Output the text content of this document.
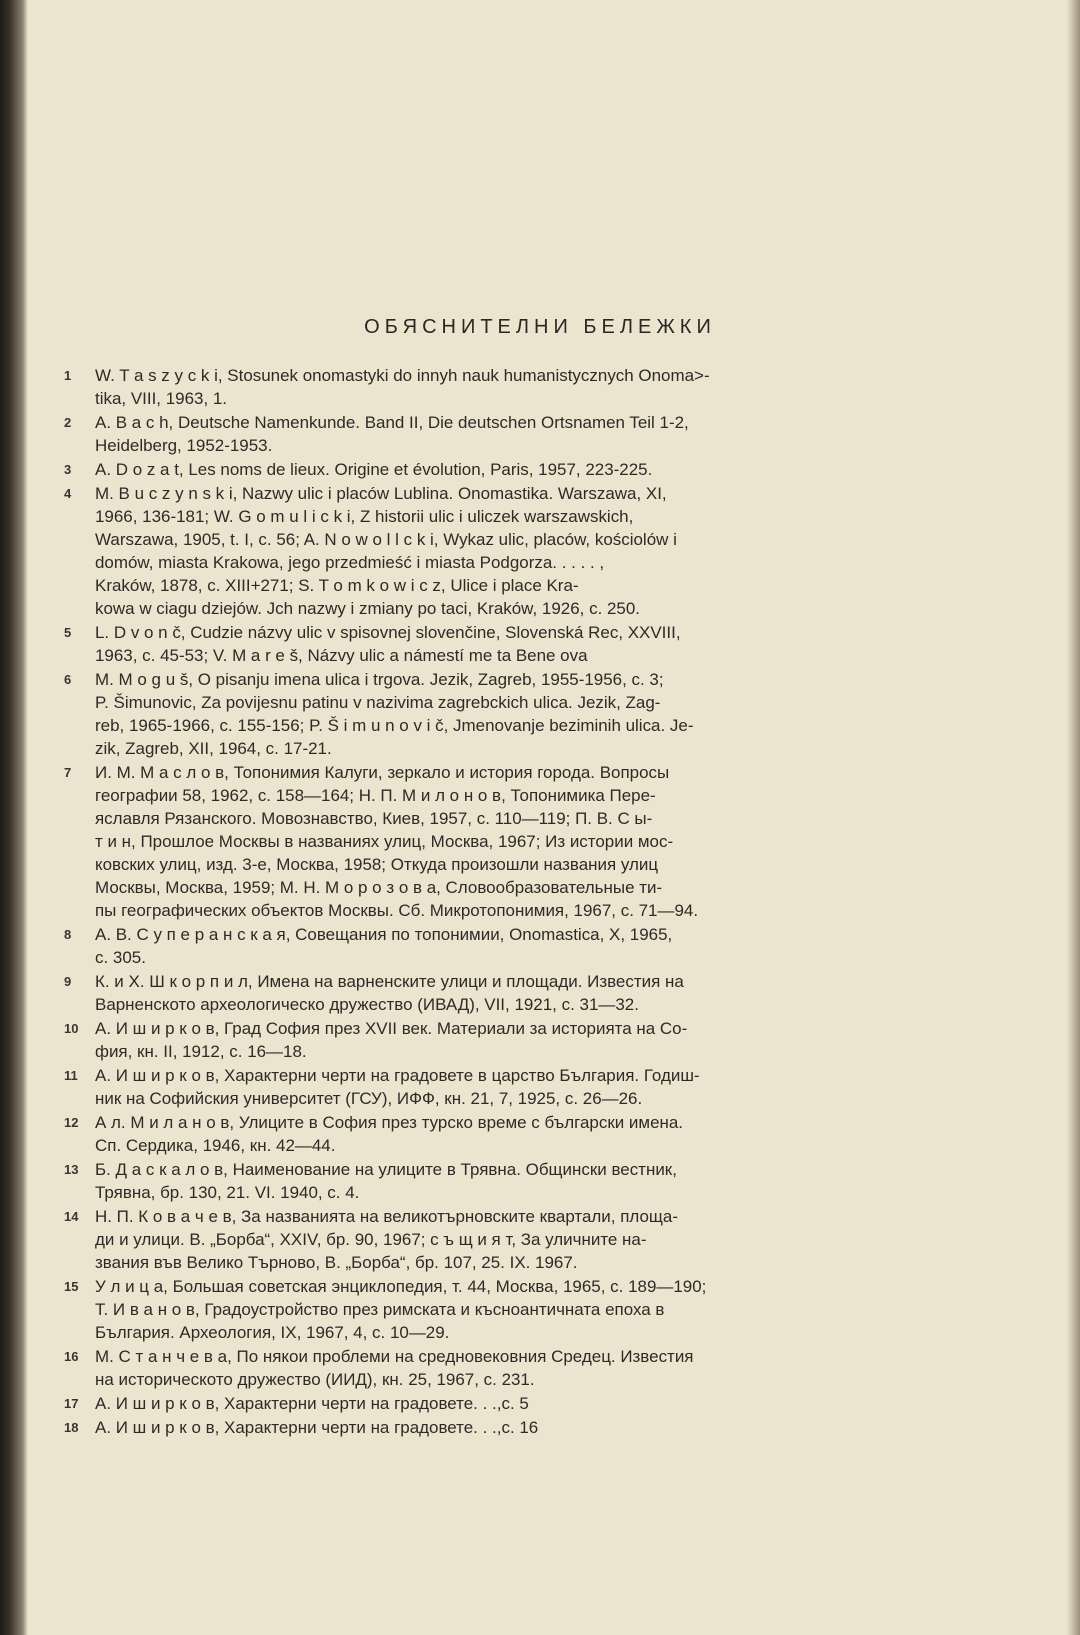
ОБЯСНИТЕЛНИ БЕЛЕЖКИ
1	W. T a s z y c k i, Stosunek onomastyki do innyh nauk humanistycznych Onoma>-
tika, VIII, 1963, 1.
2	A. B a c h, Deutsche Namenkunde. Band II, Die deutschen Ortsnamen Teil 1-2,
Heidelberg, 1952-1953.
3	A. D o z a t, Les noms de lieux. Origine et évolution, Paris, 1957, 223-225.
4	M. B u c z y n s k i, Nazwy ulic i placów Lublina. Onomastika. Warszawa, XI,
1966, 136-181; W. G o m u l i c k i, Z historii ulic i uliczek warszawskich,
Warszawa, 1905, t. I, c. 56; A. N o w o l l c k i, Wykaz ulic, placów, kościolów i
domów, miasta Krakowa, jego przedmieść i miasta Podgorza. . . . . ,
Kraków, 1878, c. XIII+271; S. T o m k o w i c z, Ulice i place Kra-
kowa w ciagu dziejów. Jch nazwy i zmiany po taci, Kraków, 1926, c. 250.
5	L. D v o n č, Cudzie názvy ulic v spisovnej slovenčine, Slovenská Rec, XXVIII,
1963, c. 45-53; V. M a r e š, Názvy ulic a námestí me ta Bene ova
6	M. M o g u š, O pisanju imena ulica i trgova. Jezik, Zagreb, 1955-1956, c. 3;
P. Šimunovic, Za povijesnu patinu v nazivima zagrebckich ulica. Jezik, Zag-
reb, 1965-1966, c. 155-156; P. Š i m u n o v i č, Jmenovanje beziminih ulica. Je-
zik, Zagreb, XII, 1964, c. 17-21.
7	И. М. М а с л о в, Топонимия Калуги, зеркало и история города. Вопросы
географии 58, 1962, с. 158—164; Н. П. М и л о н о в, Топонимика Пере-
яславля Рязанского. Мовознавство, Киев, 1957, с. 110—119; П. В. С ы-
т и н, Прошлое Москвы в названиях улиц, Москва, 1967; Из истории мос-
ковских улиц, изд. 3-е, Москва, 1958; Откуда произошли названия улиц
Москвы, Москва, 1959; М. Н. М о р о з о в а, Словообразовательные ти-
пы географических объектов Москвы. Сб. Микротопонимия, 1967, с. 71—94.
8	А. В. С у п е р а н с к а я, Совещания по топонимии, Onomastica, X, 1965,
с. 305.
9	К. и Х. Ш к о р п и л, Имена на варненските улици и площади. Известия на
Варненското археологическо дружество (ИВАД), VII, 1921, с. 31—32.
10 А. И ш и р к о в, Град София през XVII век. Материали за историята на Со-
фия, кн. II, 1912, с. 16—18.
11	А. И ш и р к о в, Характерни черти на градовете в царство България. Годиш-
ник на Софийския университет (ГСУ), ИФФ, кн. 21, 7, 1925, с. 26—26.
12 А л. М и л а н о в, Улиците в София през турско време с български имена.
Сп. Сердика, 1946, кн. 42—44.
13 Б. Д а с к а л о в, Наименование на улиците в Трявна. Общински вестник,
Трявна, бр. 130, 21. VI. 1940, с. 4.
14 Н. П. К о в а ч е в, За названията на великотърновските квартали, площа-
ди и улици. В. „Борба“, XXIV, бр. 90, 1967; с ъ щ и я т, За уличните на-
звания във Велико Търново, В. „Борба“, бр. 107, 25. IX. 1967.
15 У л и ц а, Большая советская энциклопедия, т. 44, Москва, 1965, с. 189—190;
Т. И в а н о в, Градоустройство през римската и късноантичната епоха в
България. Археология, IX, 1967, 4, с. 10—29.
16 М. С т а н ч е в а, По някои проблеми на средновековния Средец. Известия
на историческото дружество (ИИД), кн. 25, 1967, с. 231.
17 А. И ш и р к о в, Характерни черти на градовете. . .,с. 5
18 А. И ш и р к о в, Характерни черти на градовете. . .,с. 16
